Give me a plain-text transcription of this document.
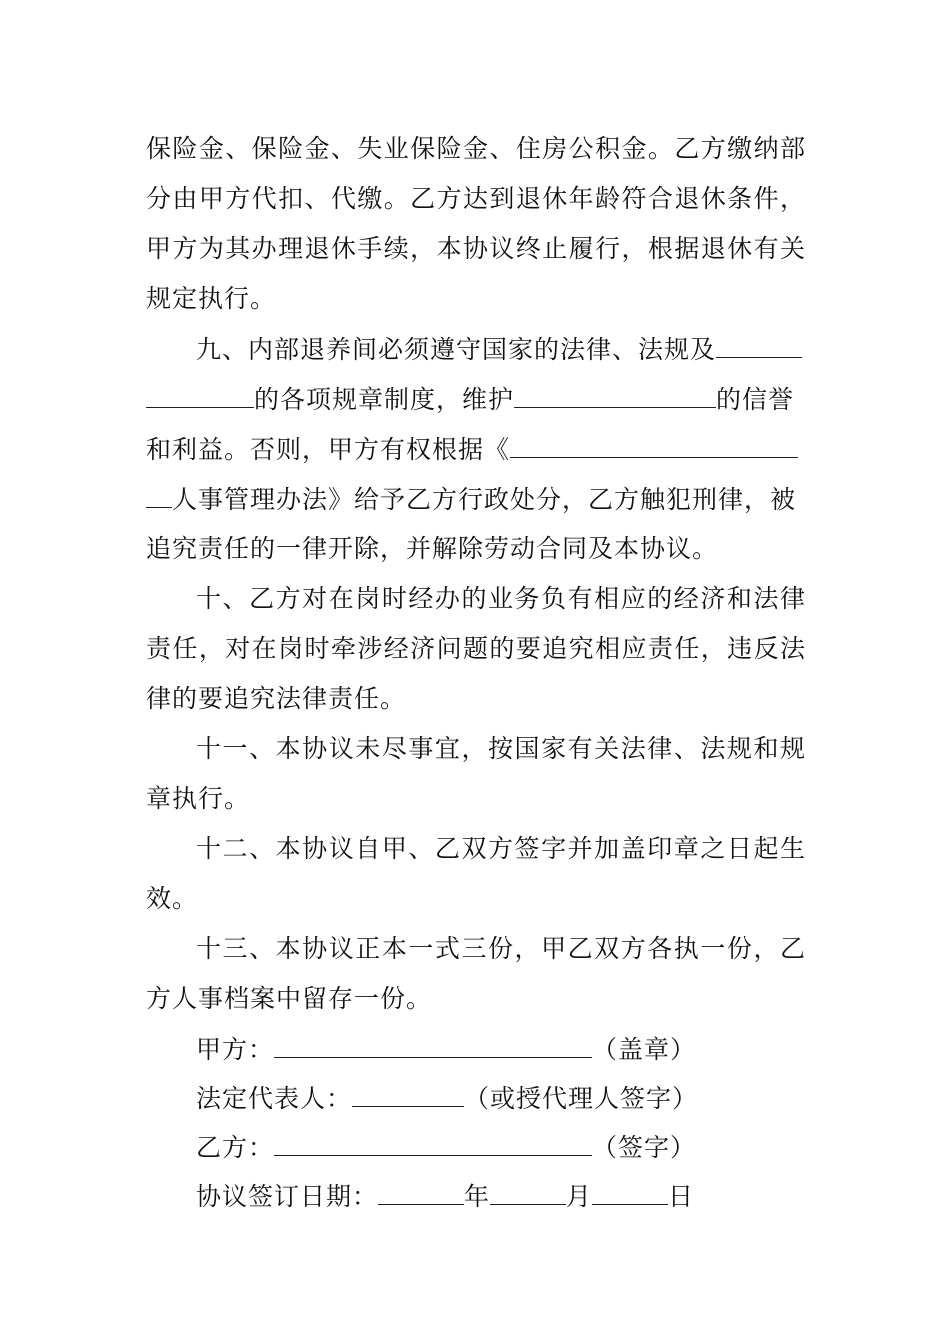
保险金、保险金、失业保险金、住房公积金。乙方缴纳部
分由甲方代扣、代缴。乙方达到退休年龄符合退休条件，
甲方为其办理退休手续，本协议终止履行，根据退休有关
规定执行。
九、内部退养间必须遵守国家的法律、法规及
的各项规章制度，维护	的信誉
和利益。否则，甲方有权根据《
人事管理办法》给予乙方行政处分，乙方触犯刑律，被
追究责任的一律开除，并解除劳动合同及本协议。
十、乙方对在岗时经办的业务负有相应的经济和法律
责任，对在岗时牵涉经济问题的要追究相应责任，违反法
律的要追究法律责任。
十一、本协议未尽事宜，按国家有关法律、法规和规
章执行。
十二、本协议自甲、乙双方签字并加盖印章之日起生
效。
十三、本协议正本一式三份，甲乙双方各执一份，乙
方人事档案中留存一份。
甲方：	（盖章）
法定代表人：	（或授代理人签字）
乙方：	（签字）
协议签订日期：	年	月	日
